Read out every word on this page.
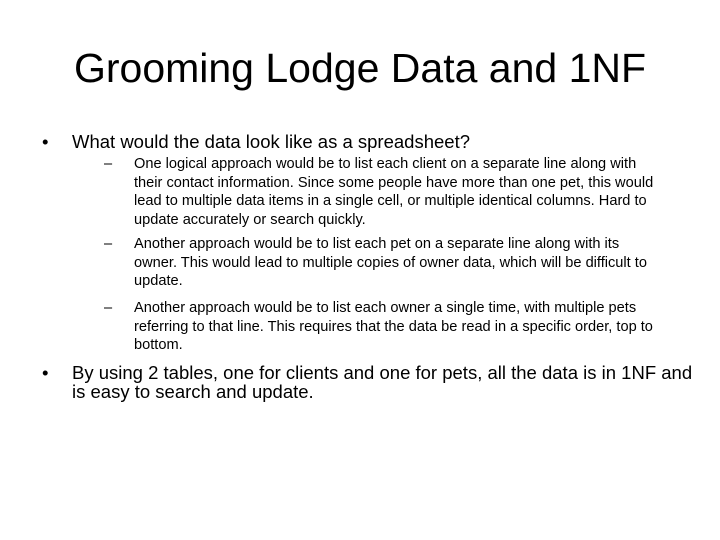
Grooming Lodge Data and 1NF
• What would the data look like as a spreadsheet?
– One logical approach would be to list each client on a separate line along with
their contact information. Since some people have more than one pet, this would
lead to multiple data items in a single cell, or multiple identical columns. Hard to
update accurately or search quickly.
– Another approach would be to list each pet on a separate line along with its
owner. This would lead to multiple copies of owner data, which will be difficult to
update.
– Another approach would be to list each owner a single time, with multiple pets
referring to that line. This requires that the data be read in a specific order, top to
bottom.
• By using 2 tables, one for clients and one for pets, all the data is in 1NF and
is easy to search and update.
